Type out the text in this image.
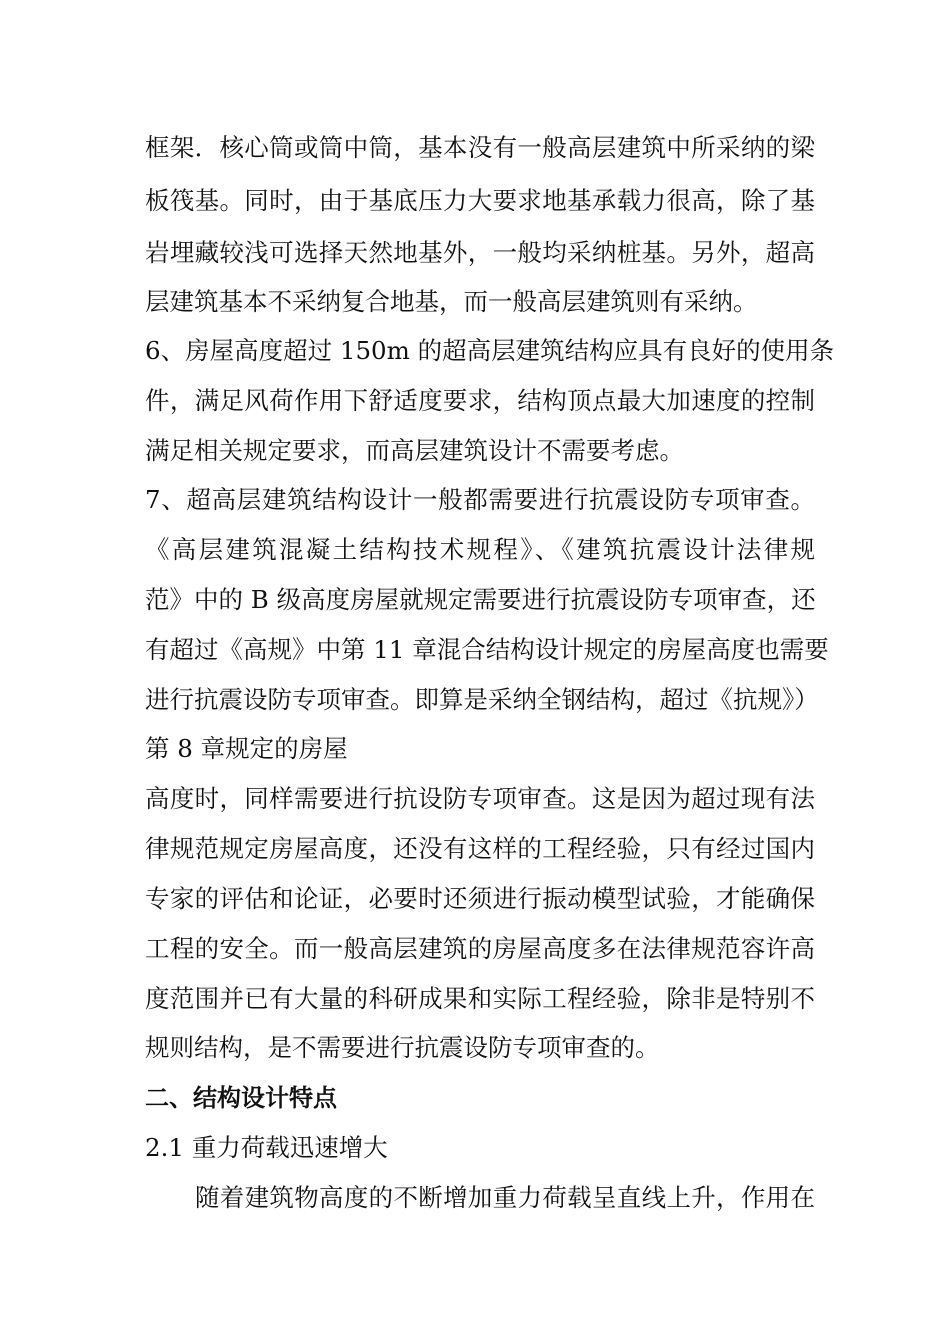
框架．核心筒或筒中筒，基本没有一般高层建筑中所采纳的梁
板筏基。同时，由于基底压力大要求地基承载力很高，除了基
岩埋藏较浅可选择天然地基外，一般均采纳桩基。另外，超高
层建筑基本不采纳复合地基，而一般高层建筑则有采纳。
6、房屋高度超过 150m 的超高层建筑结构应具有良好的使用条
件，满足风荷作用下舒适度要求，结构顶点最大加速度的控制
满足相关规定要求，而高层建筑设计不需要考虑。
7、超高层建筑结构设计一般都需要进行抗震设防专项审查。
《高层建筑混凝土结构技术规程》、《建筑抗震设计法律规
范》中的 B 级高度房屋就规定需要进行抗震设防专项审查，还
有超过《高规》中第 11 章混合结构设计规定的房屋高度也需要
进行抗震设防专项审查。即算是采纳全钢结构，超过《抗规》）
第 8 章规定的房屋
高度时，同样需要进行抗设防专项审查。这是因为超过现有法
律规范规定房屋高度，还没有这样的工程经验，只有经过国内
专家的评估和论证，必要时还须进行振动模型试验，才能确保
工程的安全。而一般高层建筑的房屋高度多在法律规范容许高
度范围并已有大量的科研成果和实际工程经验，除非是特别不
规则结构，是不需要进行抗震设防专项审查的。
二、结构设计特点
2.1 重力荷载迅速增大
随着建筑物高度的不断增加重力荷载呈直线上升，作用在
